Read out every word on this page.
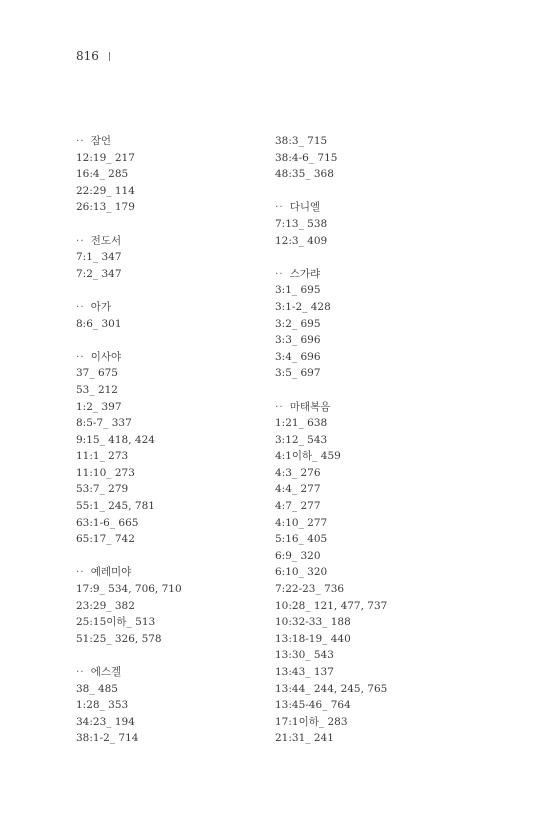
816
·· 잠언
12:19_ 217
16:4_ 285
22:29_ 114
26:13_ 179
·· 전도서
7:1_ 347
7:2_ 347
·· 아가
8:6_ 301
·· 이사야
37_ 675
53_ 212
1:2_ 397
8:5-7_ 337
9:15_ 418, 424
11:1_ 273
11:10_ 273
53:7_ 279
55:1_ 245, 781
63:1-6_ 665
65:17_ 742
·· 예레미야
17:9_ 534, 706, 710
23:29_ 382
25:15이하_ 513
51:25_ 326, 578
·· 에스겔
38_ 485
1:28_ 353
34:23_ 194
38:1-2_ 714
38:3_ 715
38:4-6_ 715
48:35_ 368
·· 다니엘
7:13_ 538
12:3_ 409
·· 스가랴
3:1_ 695
3:1-2_ 428
3:2_ 695
3:3_ 696
3:4_ 696
3:5_ 697
·· 마태복음
1:21_ 638
3:12_ 543
4:1이하_ 459
4:3_ 276
4:4_ 277
4:7_ 277
4:10_ 277
5:16_ 405
6:9_ 320
6:10_ 320
7:22-23_ 736
10:28_ 121, 477, 737
10:32-33_ 188
13:18-19_ 440
13:30_ 543
13:43_ 137
13:44_ 244, 245, 765
13:45-46_ 764
17:1이하_ 283
21:31_ 241
